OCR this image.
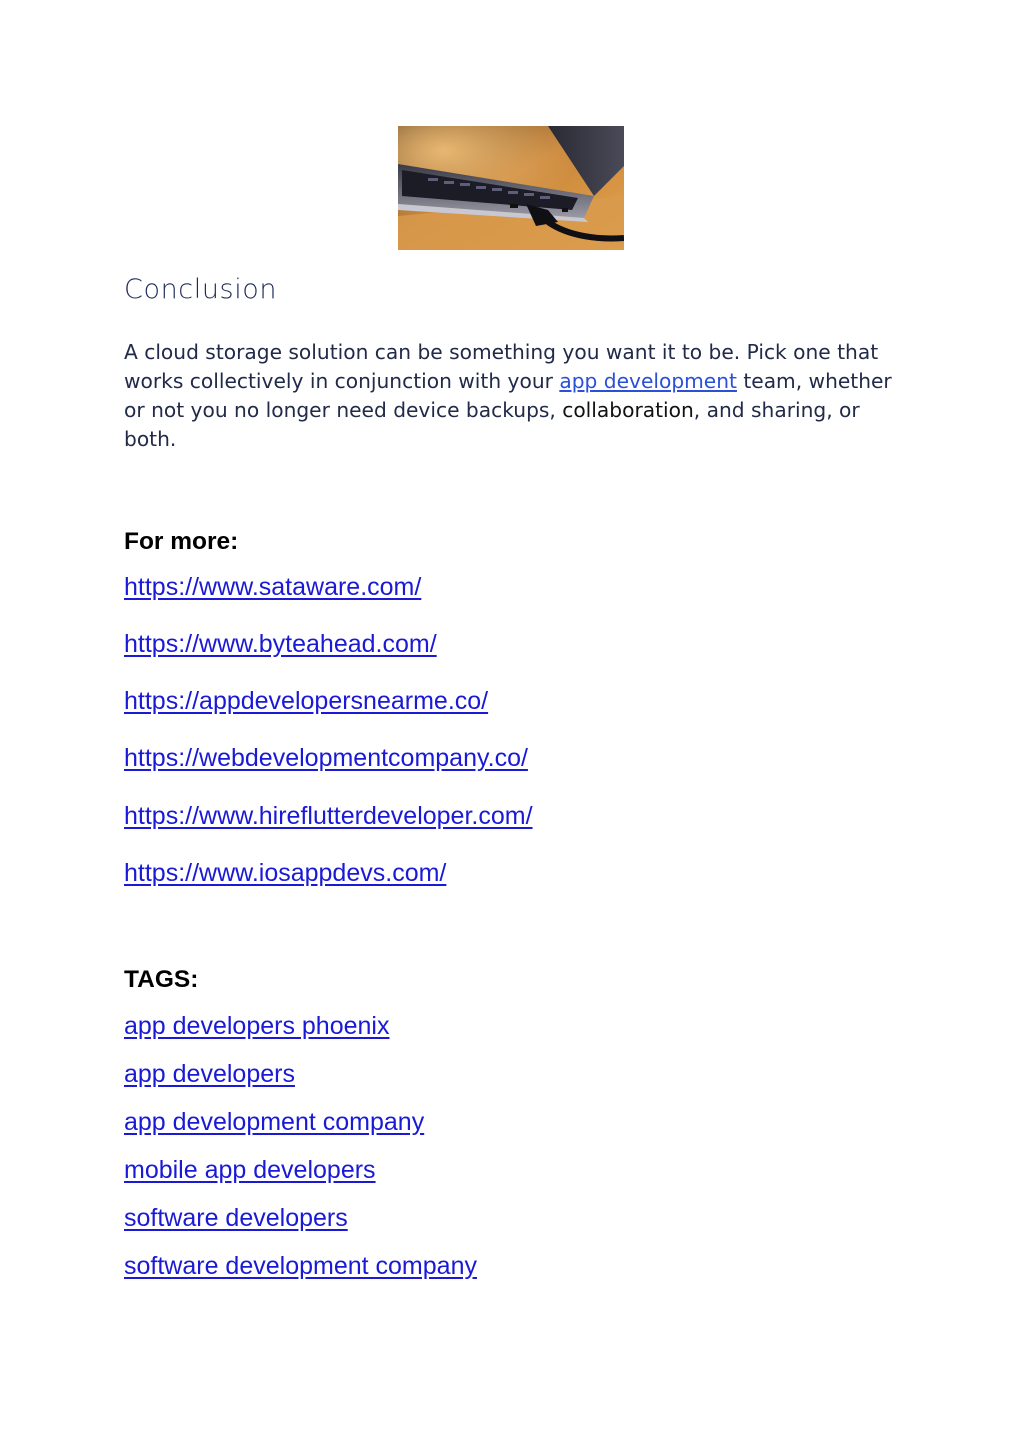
Conclusion

A cloud storage solution can be something you want it to be. Pick one that works collectively in conjunction with your app development team, whether or not you no longer need device backups, collaboration, and sharing, or both.

For more:
https://www.sataware.com/
https://www.byteahead.com/
https://appdevelopersnearme.co/
https://webdevelopmentcompany.co/
https://www.hireflutterdeveloper.com/
https://www.iosappdevs.com/
TAGS:
app developers phoenix
app developers
app development company
mobile app developers
software developers
software development company
